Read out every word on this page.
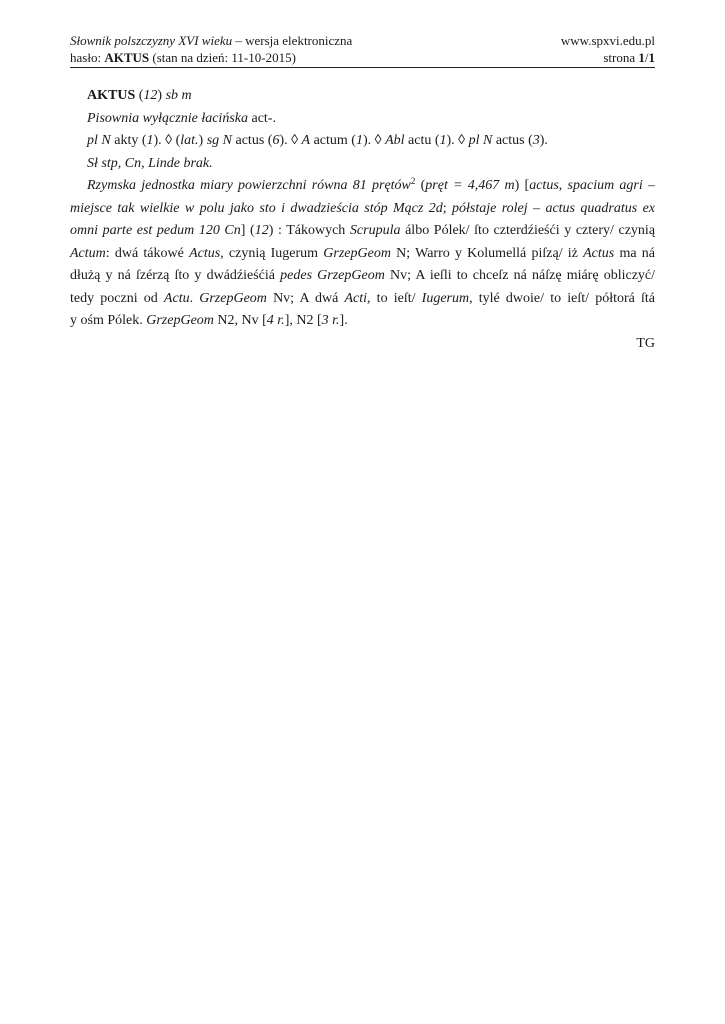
Słownik polszczyzny XVI wieku – wersja elektroniczna	www.spxvi.edu.pl
hasło: AKTUS (stan na dzień: 11-10-2015)	strona 1/1
AKTUS (12) sb m
Pisownia wyłącznie łacińska act-.
pl N akty (1). ◊ (lat.) sg N actus (6). ◊ A actum (1). ◊ Abl actu (1). ◊ pl N actus (3).
Sł stp, Cn, Linde brak.
Rzymska jednostka miary powierzchni równa 81 prętów$^2$ (pręt = 4,467 m) [actus, spacium agri –
miejsce tak wielkie w polu jako sto i dwadzieścia stóp Mącz 2d; półstaje rolej – actus quadratus ex
omni parte est pedum 120 Cn] (12) : Tákowych Scrupula álbo Pólek/ ſto czterdźieśći y cztery/ czynią
Actum: dwá tákowé Actus, czynią Iugerum GrzepGeom N; Warro y Kolumellá piſzą/ iż Actus ma ná
dłużą y ná ſzérzą ſto y dwádźieśćiá pedes GrzepGeom Nv; A ieſli to chceſz ná náſzę miárę obliczyć/
tedy poczni od Actu. GrzepGeom Nv; A dwá Acti, to ieſt/ Iugerum, tylé dwoie/ to ieſt/ półtorá ſtá
y ośm Pólek. GrzepGeom N2, Nv [4 r.], N2 [3 r.].
TG
